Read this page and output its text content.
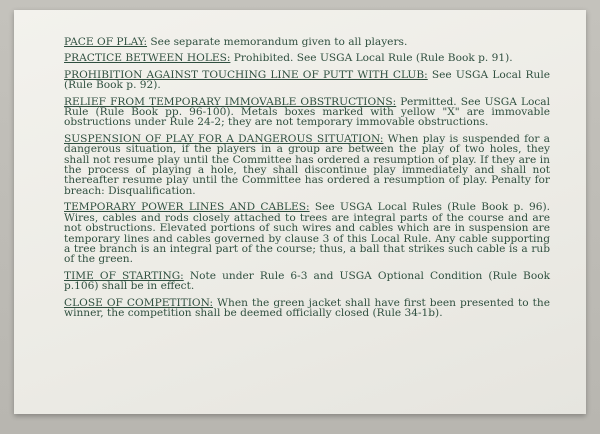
PACE OF PLAY: See separate memorandum given to all players.

PRACTICE BETWEEN HOLES: Prohibited. See USGA Local Rule (Rule Book p. 91).

PROHIBITION AGAINST TOUCHING LINE OF PUTT WITH CLUB: See USGA Local Rule (Rule Book p. 92).

RELIEF FROM TEMPORARY IMMOVABLE OBSTRUCTIONS: Permitted. See USGA Local Rule (Rule Book pp. 96-100). Metals boxes marked with yellow "X" are immovable obstructions under Rule 24-2; they are not temporary immovable obstructions.

SUSPENSION OF PLAY FOR A DANGEROUS SITUATION: When play is suspended for a dangerous situation, if the players in a group are between the play of two holes, they shall not resume play until the Committee has ordered a resumption of play. If they are in the process of playing a hole, they shall discontinue play immediately and shall not thereafter resume play until the Committee has ordered a resumption of play. Penalty for breach: Disqualification.

TEMPORARY POWER LINES AND CABLES: See USGA Local Rules (Rule Book p. 96). Wires, cables and rods closely attached to trees are integral parts of the course and are not obstructions. Elevated portions of such wires and cables which are in suspension are temporary lines and cables governed by clause 3 of this Local Rule. Any cable supporting a tree branch is an integral part of the course; thus, a ball that strikes such cable is a rub of the green.

TIME OF STARTING: Note under Rule 6-3 and USGA Optional Condition (Rule Book p.106) shall be in effect.

CLOSE OF COMPETITION: When the green jacket shall have first been presented to the winner, the competition shall be deemed officially closed (Rule 34-1b).
